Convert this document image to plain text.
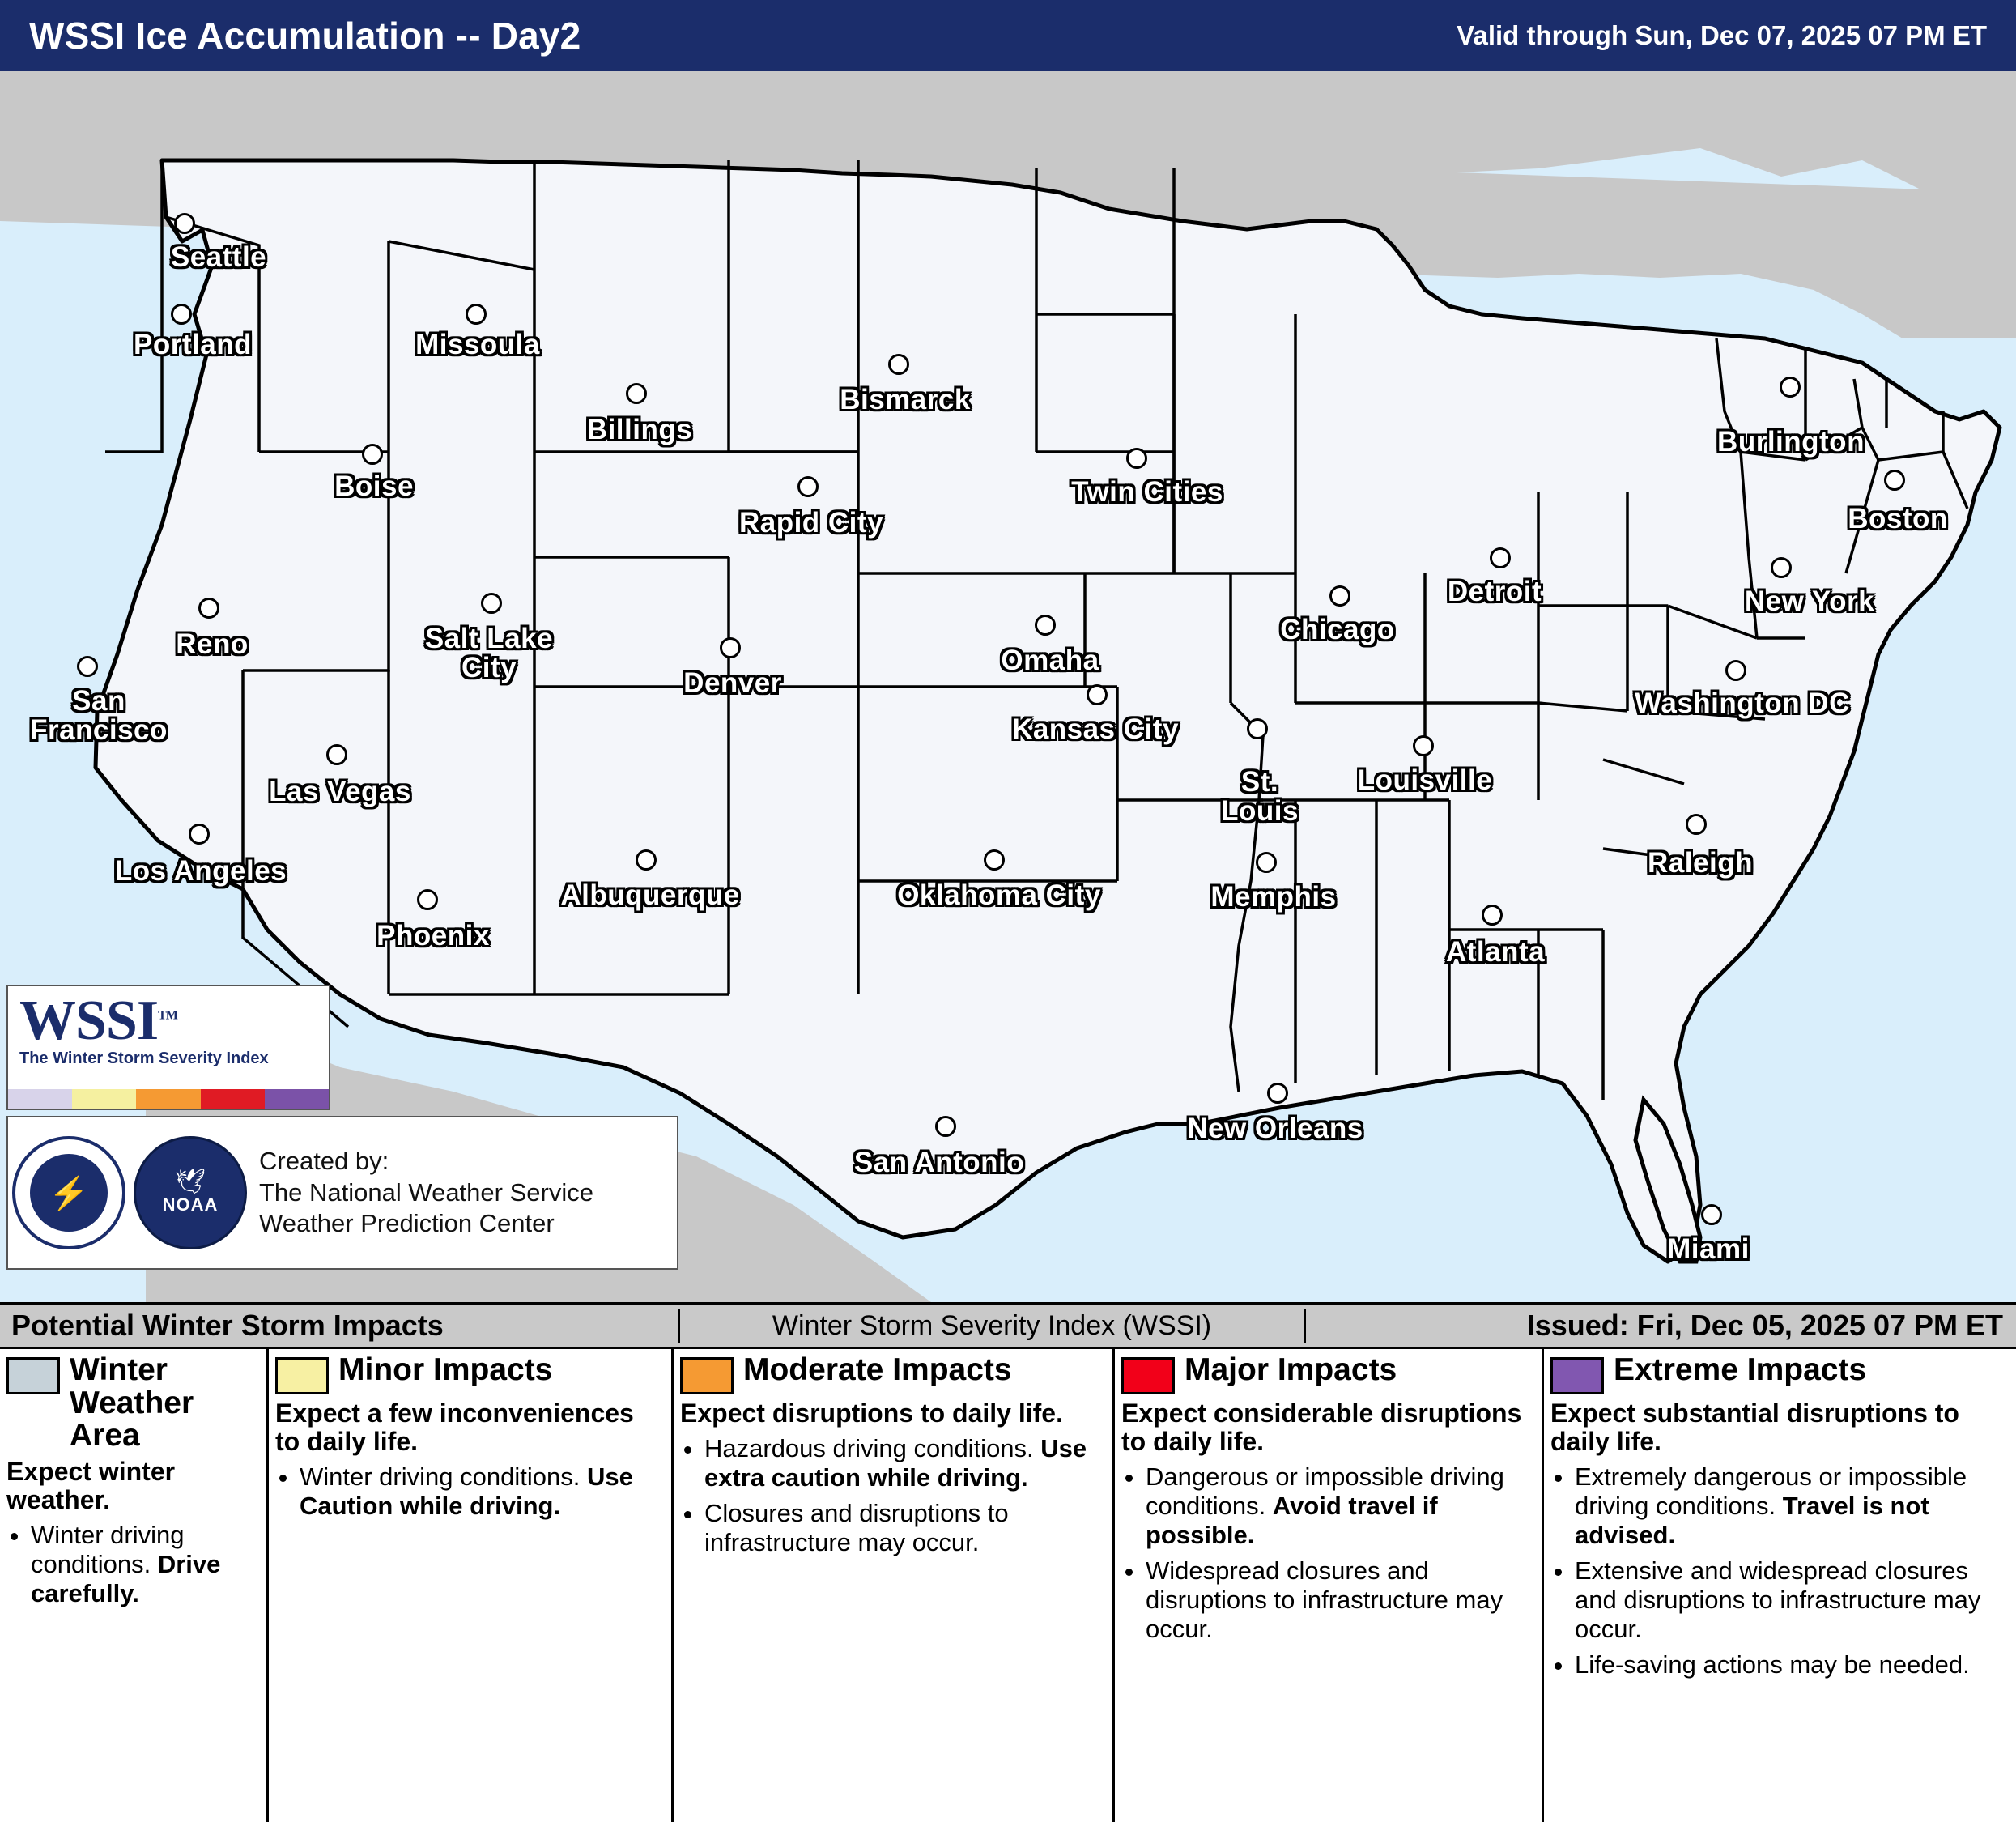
WSSI Ice Accumulation -- Day2	Valid through Sun, Dec 07, 2025 07 PM ET
Seattle
Portland	Missoula
Billings
Bismarck
Boise
Rapid City
Twin Cities
Detroit
Burlington
Boston
Chicago
New York
Reno	Salt Lake
City	Denver
Omaha
San
Francisco	Kansas City
St.
Louis
Louisville
Washington DC
Las Vegas
Raleigh
Los Angeles
Albuquerque	Oklahoma City	Memphis
Phoenix
Atlanta
San Antonio
New Orleans
Miami
WSSI™
The Winter Storm Severity Index
⚡	🕊
NOAA
Created by:
The National Weather Service
Weather Prediction Center
Potential Winter Storm Impacts	Winter Storm Severity Index (WSSI)	Issued: Fri, Dec 05, 2025 07 PM ET
Winter Weather Area
Expect winter weather.
• Winter driving conditions. Drive carefully.
Minor Impacts
Expect a few inconveniences to daily life.
• Winter driving conditions. Use Caution while driving.
Moderate Impacts
Expect disruptions to daily life.
• Hazardous driving conditions. Use extra caution while driving.
• Closures and disruptions to infrastructure may occur.
Major Impacts
Expect considerable disruptions to daily life.
• Dangerous or impossible driving conditions. Avoid travel if possible.
• Widespread closures and disruptions to infrastructure may occur.
Extreme Impacts
Expect substantial disruptions to daily life.
• Extremely dangerous or impossible driving conditions. Travel is not advised.
• Extensive and widespread closures and disruptions to infrastructure may occur.
• Life-saving actions may be needed.
